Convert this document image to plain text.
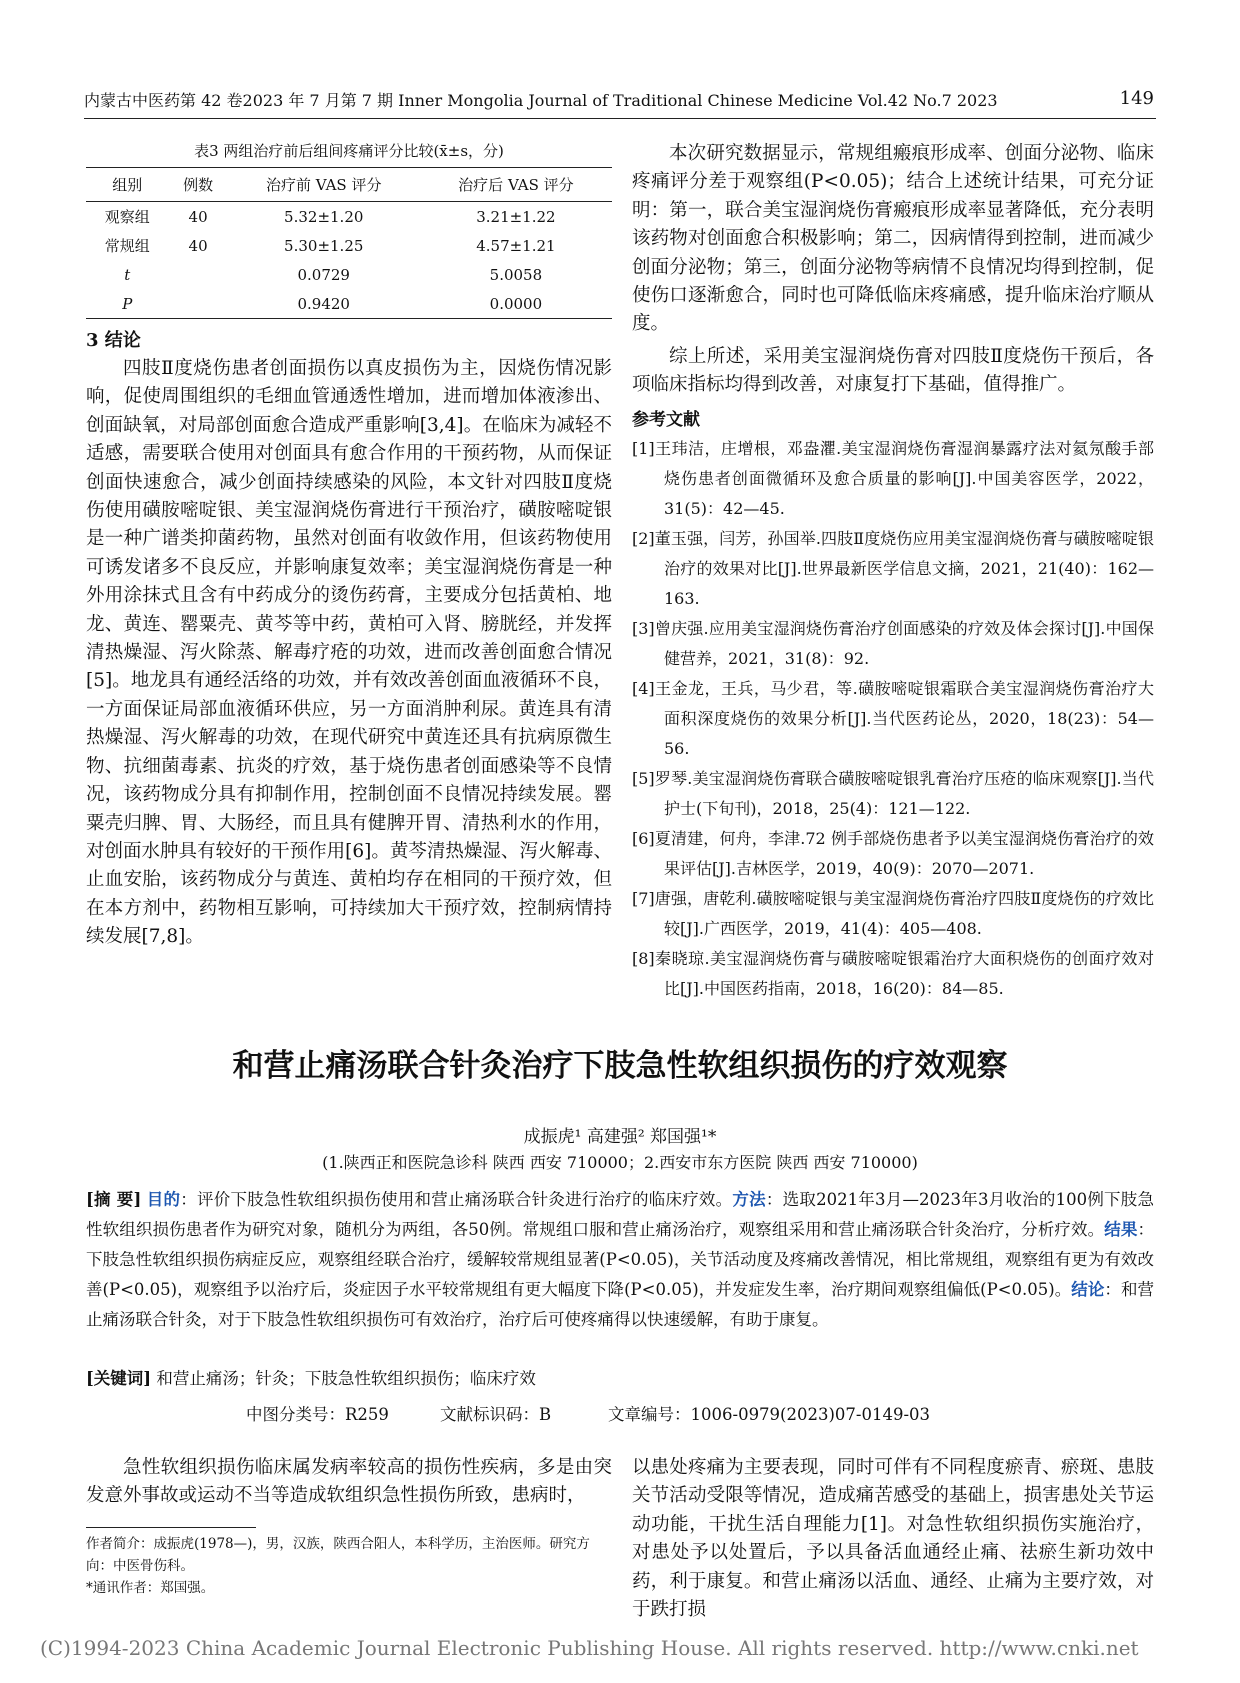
内蒙古中医药第 42 卷2023 年 7 月第 7 期 Inner Mongolia Journal of Traditional Chinese Medicine Vol.42 No.7 2023	149
表3 两组治疗前后组间疼痛评分比较(x̄±s，分)
组别	例数	治疗前 VAS 评分	治疗后 VAS 评分
观察组	40	5.32±1.20	3.21±1.22
常规组	40	5.30±1.25	4.57±1.21
t		0.0729	5.0058
P		0.9420	0.0000

3 结论

四肢Ⅱ度烧伤患者创面损伤以真皮损伤为主，因烧伤情况影响，促使周围组织的毛细血管通透性增加，进而增加体液渗出、创面缺氧，对局部创面愈合造成严重影响[3,4]。在临床为减轻不适感，需要联合使用对创面具有愈合作用的干预药物，从而保证创面快速愈合，减少创面持续感染的风险，本文针对四肢Ⅱ度烧伤使用磺胺嘧啶银、美宝湿润烧伤膏进行干预治疗，磺胺嘧啶银是一种广谱类抑菌药物，虽然对创面有收敛作用，但该药物使用可诱发诸多不良反应，并影响康复效率；美宝湿润烧伤膏是一种外用涂抹式且含有中药成分的烫伤药膏，主要成分包括黄柏、地龙、黄连、罂粟壳、黄芩等中药，黄柏可入肾、膀胱经，并发挥清热燥湿、泻火除蒸、解毒疗疮的功效，进而改善创面愈合情况[5]。地龙具有通经活络的功效，并有效改善创面血液循环不良，一方面保证局部血液循环供应，另一方面消肿利尿。黄连具有清热燥湿、泻火解毒的功效，在现代研究中黄连还具有抗病原微生物、抗细菌毒素、抗炎的疗效，基于烧伤患者创面感染等不良情况，该药物成分具有抑制作用，控制创面不良情况持续发展。罂粟壳归脾、胃、大肠经，而且具有健脾开胃、清热利水的作用，对创面水肿具有较好的干预作用[6]。黄芩清热燥湿、泻火解毒、止血安胎，该药物成分与黄连、黄柏均存在相同的干预疗效，但在本方剂中，药物相互影响，可持续加大干预疗效，控制病情持续发展[7,8]。

本次研究数据显示，常规组瘢痕形成率、创面分泌物、临床疼痛评分差于观察组(P<0.05)；结合上述统计结果，可充分证明：第一，联合美宝湿润烧伤膏瘢痕形成率显著降低，充分表明该药物对创面愈合积极影响；第二，因病情得到控制，进而减少创面分泌物；第三，创面分泌物等病情不良情况均得到控制，促使伤口逐渐愈合，同时也可降低临床疼痛感，提升临床治疗顺从度。

综上所述，采用美宝湿润烧伤膏对四肢Ⅱ度烧伤干预后，各项临床指标均得到改善，对康复打下基础，值得推广。

参考文献

[1]王玮洁，庄增根，邓盎灈.美宝湿润烧伤膏湿润暴露疗法对氦氖酸手部烧伤患者创面微循环及愈合质量的影响[J].中国美容医学，2022，31(5)：42—45.

[2]董玉强，闫芳，孙国举.四肢Ⅱ度烧伤应用美宝湿润烧伤膏与磺胺嘧啶银治疗的效果对比[J].世界最新医学信息文摘，2021，21(40)：162—163.

[3]曾庆强.应用美宝湿润烧伤膏治疗创面感染的疗效及体会探讨[J].中国保健营养，2021，31(8)：92.

[4]王金龙，王兵，马少君，等.磺胺嘧啶银霜联合美宝湿润烧伤膏治疗大面积深度烧伤的效果分析[J].当代医药论丛，2020，18(23)：54—56.

[5]罗琴.美宝湿润烧伤膏联合磺胺嘧啶银乳膏治疗压疮的临床观察[J].当代护士(下旬刊)，2018，25(4)：121—122.

[6]夏清建，何舟，李津.72 例手部烧伤患者予以美宝湿润烧伤膏治疗的效果评估[J].吉林医学，2019，40(9)：2070—2071.

[7]唐强，唐乾利.磺胺嘧啶银与美宝湿润烧伤膏治疗四肢Ⅱ度烧伤的疗效比较[J].广西医学，2019，41(4)：405—408.

[8]秦晓琼.美宝湿润烧伤膏与磺胺嘧啶银霜治疗大面积烧伤的创面疗效对比[J].中国医药指南，2018，16(20)：84—85.

和营止痛汤联合针灸治疗下肢急性软组织损伤的疗效观察
成振虎¹ 高建强² 郑国强¹*
(1.陕西正和医院急诊科 陕西 西安 710000；2.西安市东方医院 陕西 西安 710000)
[摘 要] 目的：评价下肢急性软组织损伤使用和营止痛汤联合针灸进行治疗的临床疗效。方法：选取2021年3月—2023年3月收治的100例下肢急性软组织损伤患者作为研究对象，随机分为两组，各50例。常规组口服和营止痛汤治疗，观察组采用和营止痛汤联合针灸治疗，分析疗效。结果：下肢急性软组织损伤病症反应，观察组经联合治疗，缓解较常规组显著(P<0.05)，关节活动度及疼痛改善情况，相比常规组，观察组有更为有效改善(P<0.05)，观察组予以治疗后，炎症因子水平较常规组有更大幅度下降(P<0.05)，并发症发生率，治疗期间观察组偏低(P<0.05)。结论：和营止痛汤联合针灸，对于下肢急性软组织损伤可有效治疗，治疗后可使疼痛得以快速缓解，有助于康复。
[关键词] 和营止痛汤；针灸；下肢急性软组织损伤；临床疗效
中图分类号：R259	文献标识码：B	文章编号：1006-0979(2023)07-0149-03

急性软组织损伤临床属发病率较高的损伤性疾病，多是由突发意外事故或运动不当等造成软组织急性损伤所致，患病时，

以患处疼痛为主要表现，同时可伴有不同程度瘀青、瘀斑、患肢关节活动受限等情况，造成痛苦感受的基础上，损害患处关节运动功能，干扰生活自理能力[1]。对急性软组织损伤实施治疗，对患处予以处置后，予以具备活血通经止痛、祛瘀生新功效中药，利于康复。和营止痛汤以活血、通经、止痛为主要疗效，对于跌打损

作者简介：成振虎(1978—)，男，汉族，陕西合阳人，本科学历，主治医师。研究方向：中医骨伤科。
*通讯作者：郑国强。
(C)1994-2023 China Academic Journal Electronic Publishing House. All rights reserved. http://www.cnki.net
